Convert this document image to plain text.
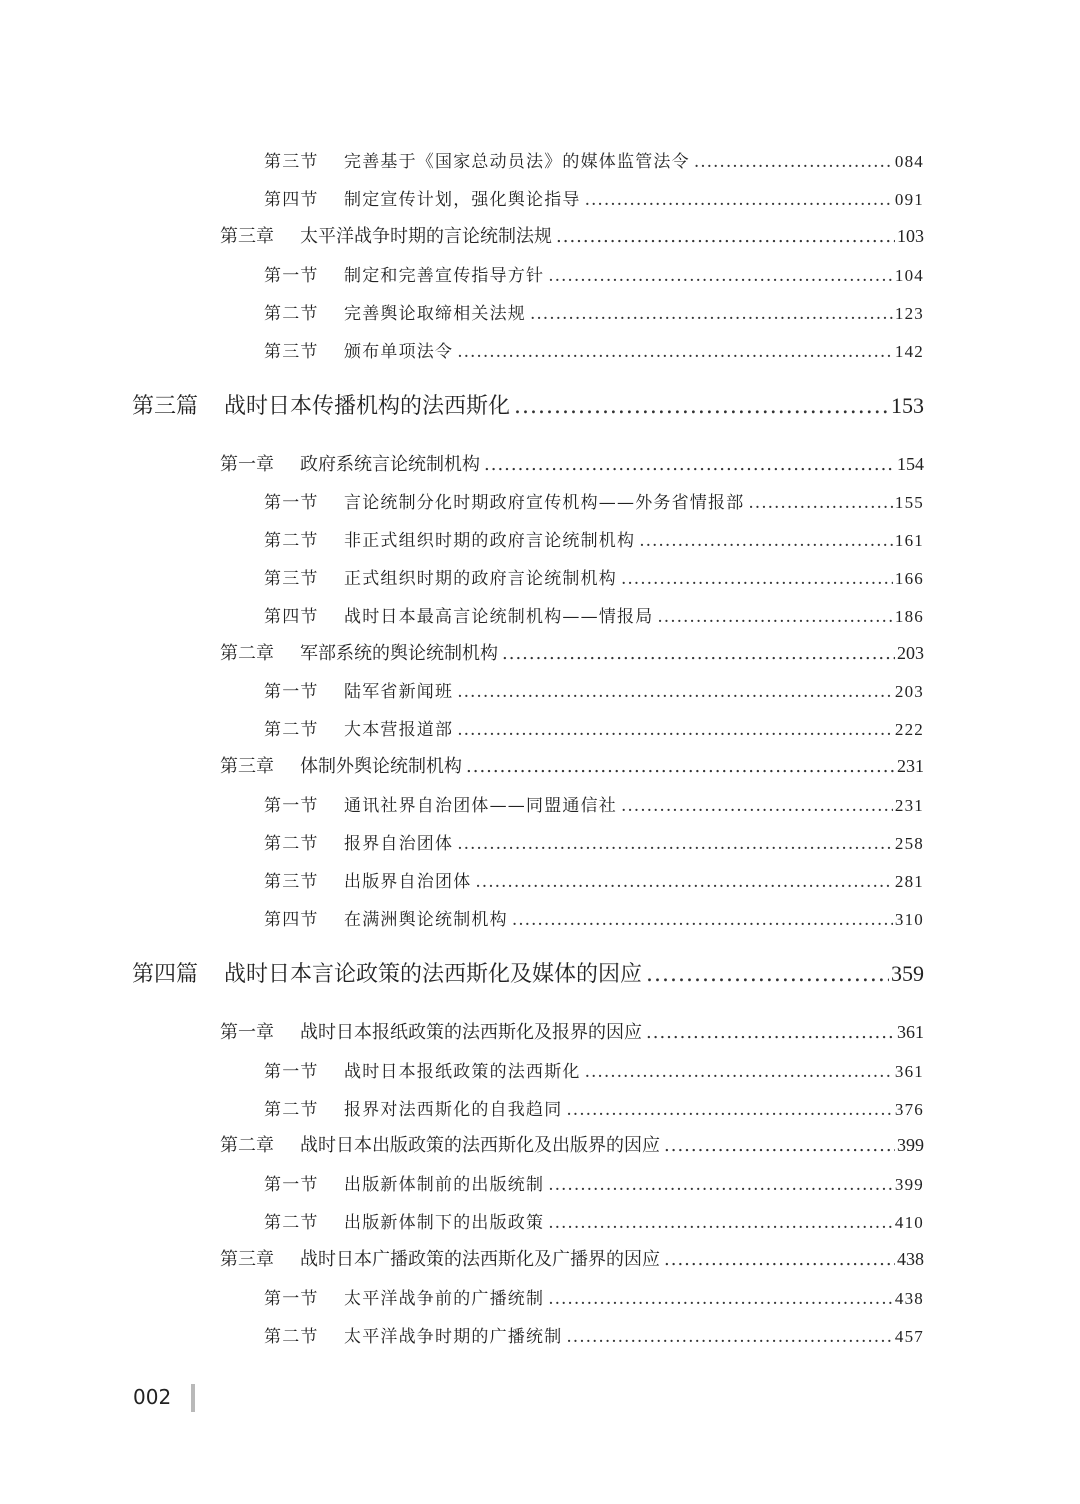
第三节	完善基于《国家总动员法》的媒体监管法令 .....	084
第四节	制定宣传计划，强化舆论指导 .....	091
第三章	太平洋战争时期的言论统制法规 .....	103
第一节	制定和完善宣传指导方针 .....	104
第二节	完善舆论取缔相关法规 .....	123
第三节	颁布单项法令 .....	142
第三篇	战时日本传播机构的法西斯化 .....	153
第一章	政府系统言论统制机构 .....	154
第一节	言论统制分化时期政府宣传机构——外务省情报部 .....	155
第二节	非正式组织时期的政府言论统制机构 .....	161
第三节	正式组织时期的政府言论统制机构 .....	166
第四节	战时日本最高言论统制机构——情报局 .....	186
第二章	军部系统的舆论统制机构 .....	203
第一节	陆军省新闻班 .....	203
第二节	大本营报道部 .....	222
第三章	体制外舆论统制机构 .....	231
第一节	通讯社界自治团体——同盟通信社 .....	231
第二节	报界自治团体 .....	258
第三节	出版界自治团体 .....	281
第四节	在满洲舆论统制机构 .....	310
第四篇	战时日本言论政策的法西斯化及媒体的因应 .....	359
第一章	战时日本报纸政策的法西斯化及报界的因应 .....	361
第一节	战时日本报纸政策的法西斯化 .....	361
第二节	报界对法西斯化的自我趋同 .....	376
第二章	战时日本出版政策的法西斯化及出版界的因应 .....	399
第一节	出版新体制前的出版统制 .....	399
第二节	出版新体制下的出版政策 .....	410
第三章	战时日本广播政策的法西斯化及广播界的因应 .....	438
第一节	太平洋战争前的广播统制 .....	438
第二节	太平洋战争时期的广播统制 .....	457
002
